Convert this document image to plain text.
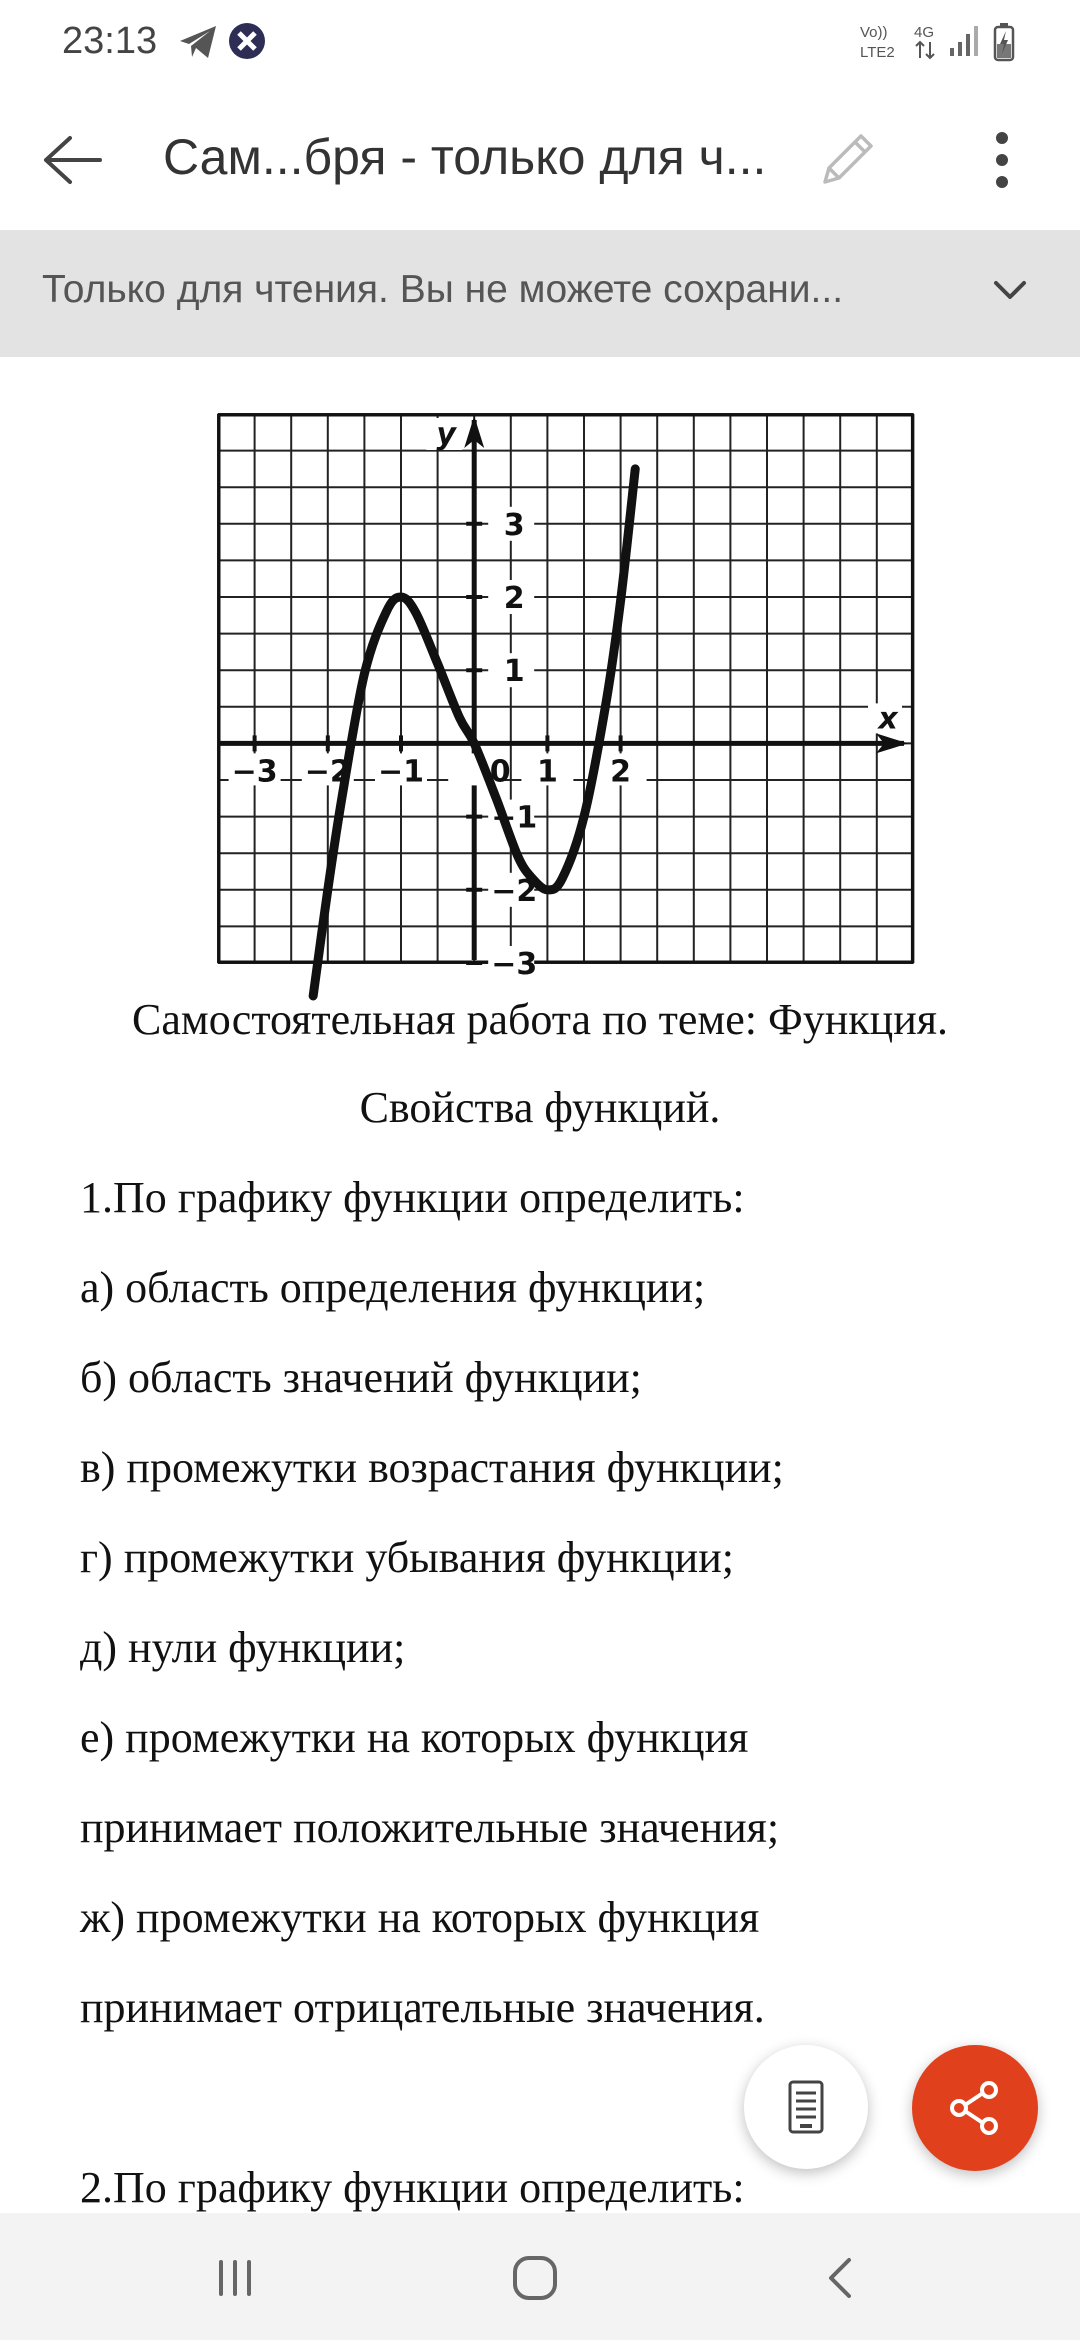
23:13	Vo))
LTE2
4G
Сам...бря - только для ч...
Только для чтения. Вы не можете сохрани...
−3 −2 −1 0 1 2
3
2
1
−1
−2
−3
x
y
Самостоятельная работа по теме: Функция.
Свойства функций.
1.По графику функции определить:
а) область определения функции;
б) область значений функции;
в) промежутки возрастания функции;
г) промежутки убывания функции;
д) нули функции;
е) промежутки на которых функция
принимает положительные значения;
ж) промежутки на которых функция
принимает отрицательные значения.
2.По графику функции определить:
